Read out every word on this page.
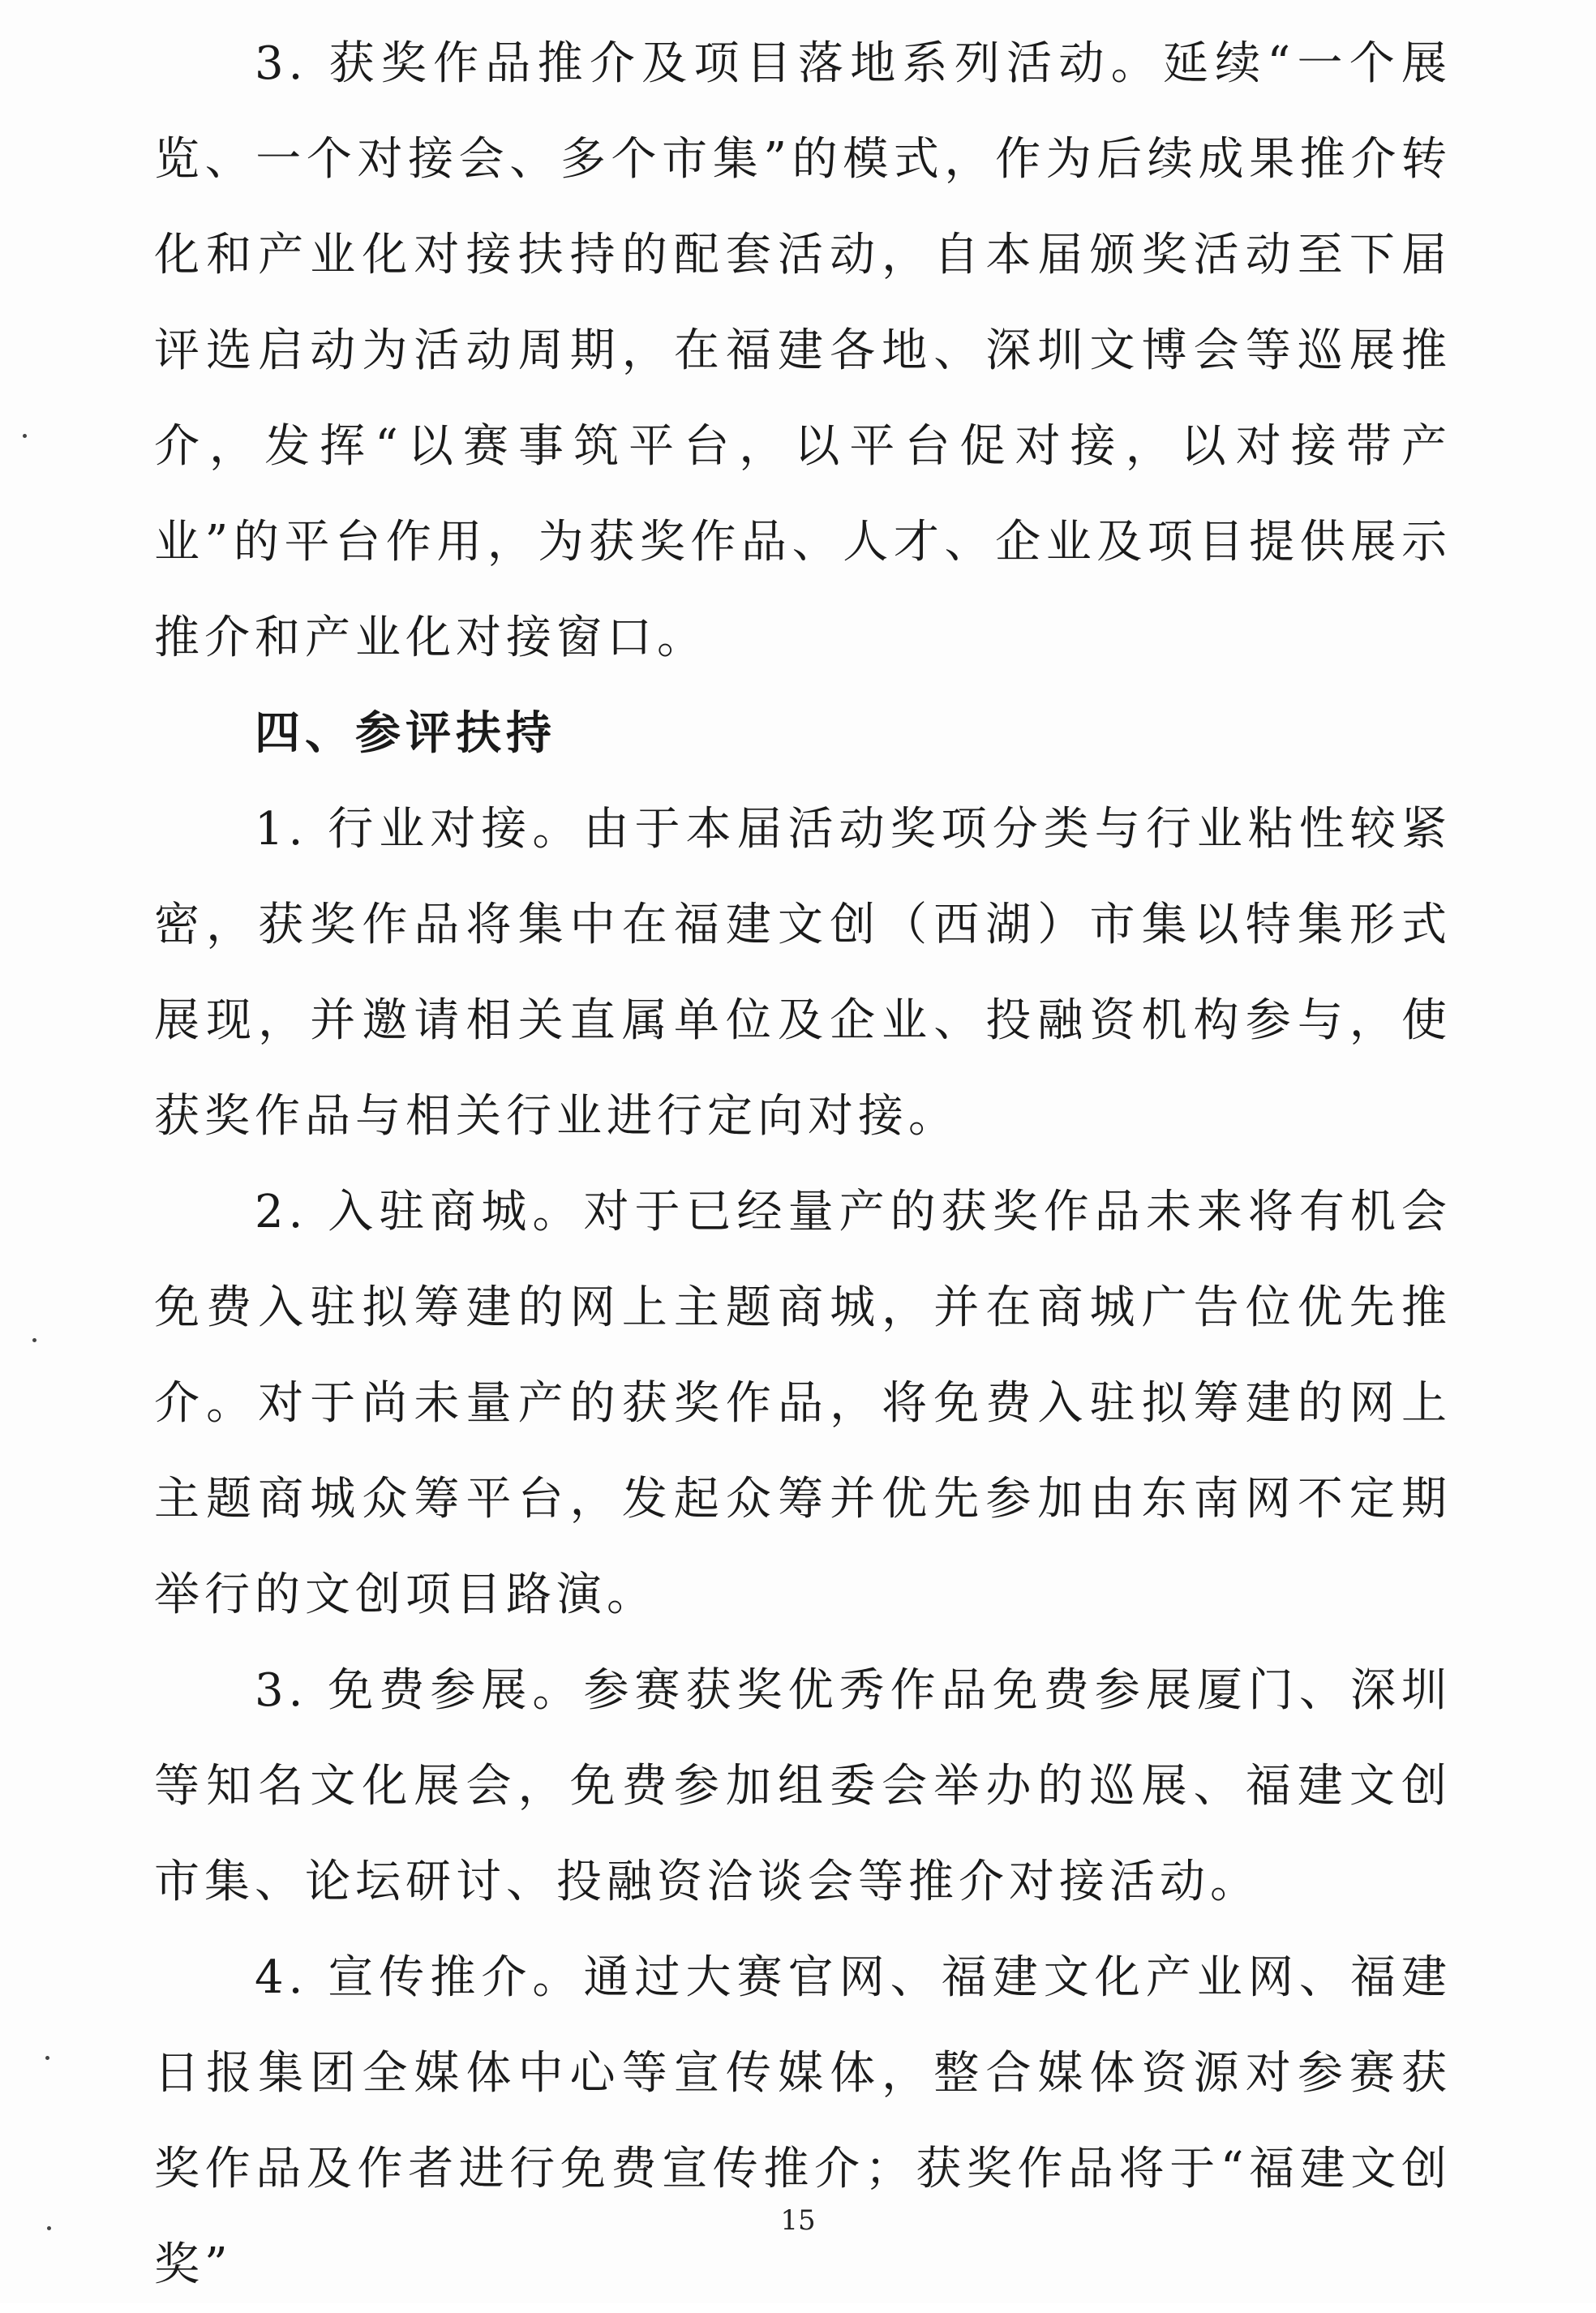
3. 获奖作品推介及项目落地系列活动。延续“一个展览、一个对接会、多个市集”的模式，作为后续成果推介转化和产业化对接扶持的配套活动，自本届颁奖活动至下届评选启动为活动周期，在福建各地、深圳文博会等巡展推介，发挥“以赛事筑平台，以平台促对接，以对接带产业”的平台作用，为获奖作品、人才、企业及项目提供展示推介和产业化对接窗口。

四、参评扶持

1. 行业对接。由于本届活动奖项分类与行业粘性较紧密，获奖作品将集中在福建文创（西湖）市集以特集形式展现，并邀请相关直属单位及企业、投融资机构参与，使获奖作品与相关行业进行定向对接。

2. 入驻商城。对于已经量产的获奖作品未来将有机会免费入驻拟筹建的网上主题商城，并在商城广告位优先推介。对于尚未量产的获奖作品，将免费入驻拟筹建的网上主题商城众筹平台，发起众筹并优先参加由东南网不定期举行的文创项目路演。

3. 免费参展。参赛获奖优秀作品免费参展厦门、深圳等知名文化展会，免费参加组委会举办的巡展、福建文创市集、论坛研讨、投融资洽谈会等推介对接活动。

4. 宣传推介。通过大赛官网、福建文化产业网、福建日报集团全媒体中心等宣传媒体，整合媒体资源对参赛获奖作品及作者进行免费宣传推介；获奖作品将于“福建文创奖”

15
